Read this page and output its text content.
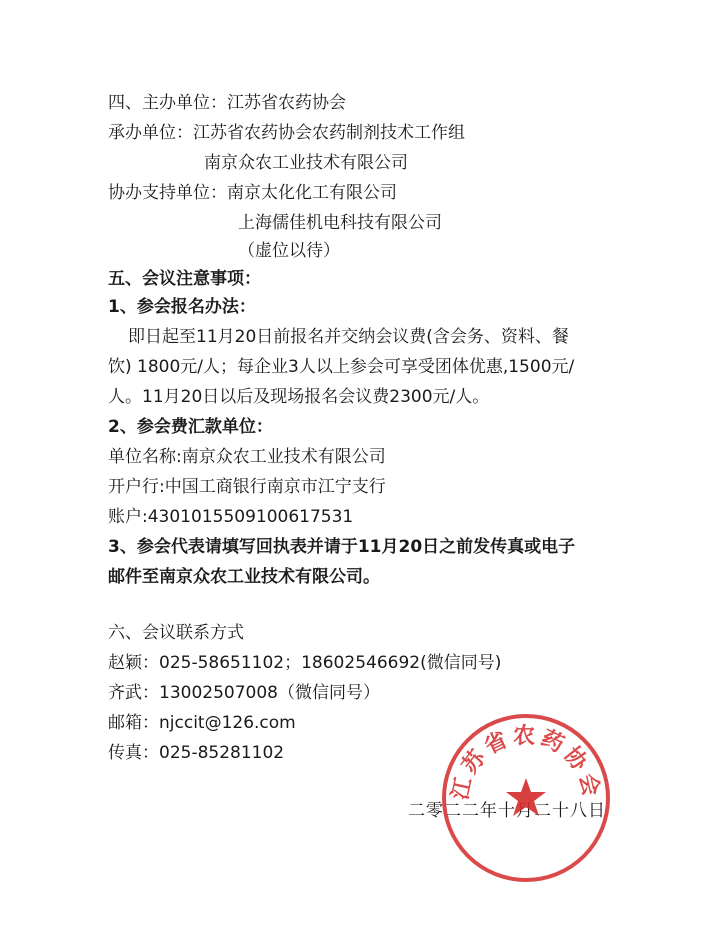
四、主办单位：江苏省农药协会
承办单位：江苏省农药协会农药制剂技术工作组
南京众农工业技术有限公司
协办支持单位：南京太化化工有限公司
上海儒佳机电科技有限公司
（虚位以待）
五、会议注意事项：
1、参会报名办法：
即日起至11月20日前报名并交纳会议费(含会务、资料、餐
饮) 1800元/人；每企业3人以上参会可享受团体优惠,1500元/
人。11月20日以后及现场报名会议费2300元/人。
2、参会费汇款单位：
单位名称:南京众农工业技术有限公司
开户行:中国工商银行南京市江宁支行
账户:4301015509100617531
3、参会代表请填写回执表并请于11月20日之前发传真或电子
邮件至南京众农工业技术有限公司。
六、会议联系方式
赵颖：025-58651102；18602546692(微信同号)
齐武：13002507008（微信同号）
邮箱：njccit@126.com
传真：025-85281102
二零二二年十月二十八日
江苏省农药协会
